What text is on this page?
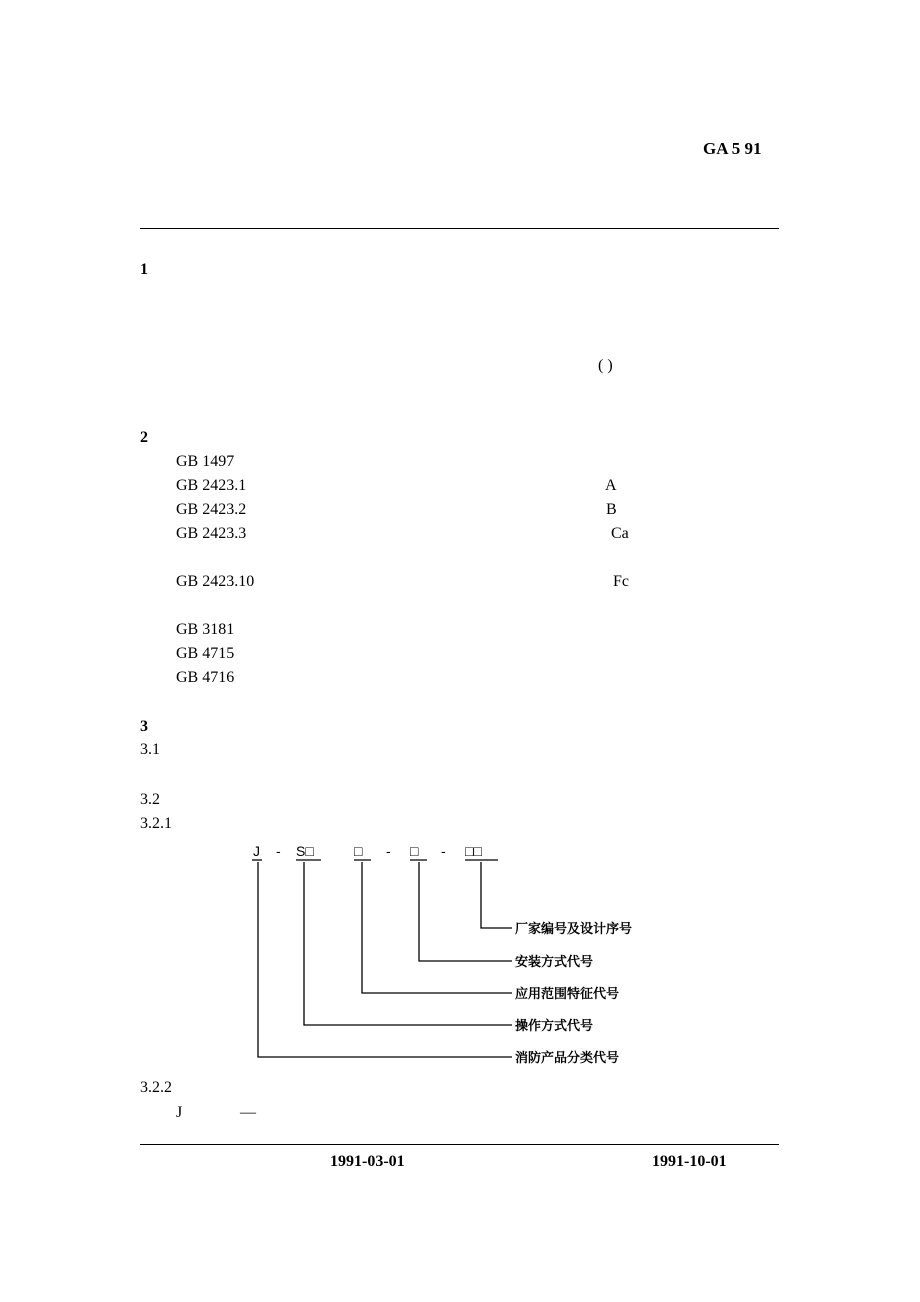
GA 5 91
1
( )
2
GB 1497
GB 2423.1	A
GB 2423.2	B
GB 2423.3	Ca
GB 2423.10	Fc
GB 3181
GB 4715
GB 4716
3
3.1
3.2
3.2.1
J - S□	□ - □ - □□
厂家编号及设计序号
安装方式代号
应用范围特征代号
操作方式代号
消防产品分类代号
3.2.2
J	—
1991-03-01	1991-10-01
